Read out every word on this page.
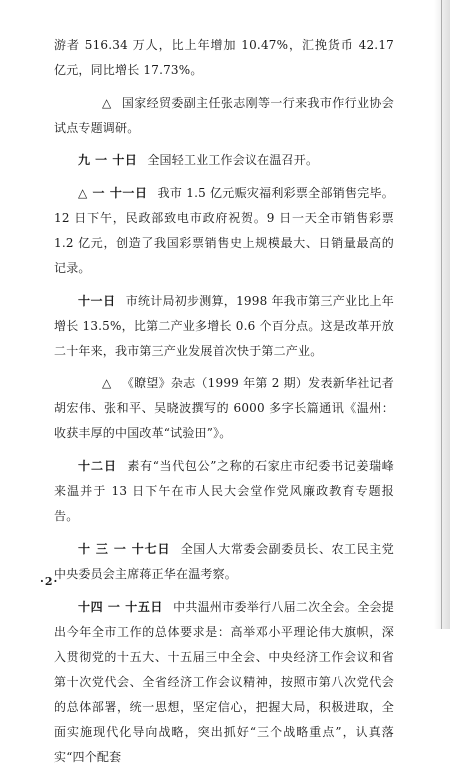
游者 516.34 万人，比上年增加 10.47%，汇挽货币 42.17 亿元，同比增长 17.73%。

△ 国家经贸委副主任张志刚等一行来我市作行业协会试点专题调研。

九 一 十日 全国轻工业工作会议在温召开。

△ 一 十一日 我市 1.5 亿元赈灾福利彩票全部销售完毕。12 日下午，民政部致电市政府祝贺。9 日一天全市销售彩票 1.2 亿元，创造了我国彩票销售史上规模最大、日销量最高的记录。

十一日 市统计局初步测算，1998 年我市第三产业比上年增长 13.5%，比第二产业多增长 0.6 个百分点。这是改革开放二十年来，我市第三产业发展首次快于第二产业。

△ 《瞭望》杂志（1999 年第 2 期）发表新华社记者胡宏伟、张和平、吴晓波撰写的 6000 多字长篇通讯《温州：收获丰厚的中国改革“试验田”》。

十二日 素有“当代包公”之称的石家庄市纪委书记姜瑞峰来温并于 13 日下午在市人民大会堂作党风廉政教育专题报告。

十 三 一 十七日 全国人大常委会副委员长、农工民主党中央委员会主席蒋正华在温考察。

十四 一 十五日 中共温州市委举行八届二次全会。全会提出今年全市工作的总体要求是：高举邓小平理论伟大旗帜，深入贯彻党的十五大、十五届三中全会、中央经济工作会议和省第十次党代会、全省经济工作会议精神，按照市第八次党代会的总体部署，统一思想，坚定信心，把握大局，积极进取，全面实施现代化导向战略，突出抓好“三个战略重点”，认真落实“四个配套

·2·
